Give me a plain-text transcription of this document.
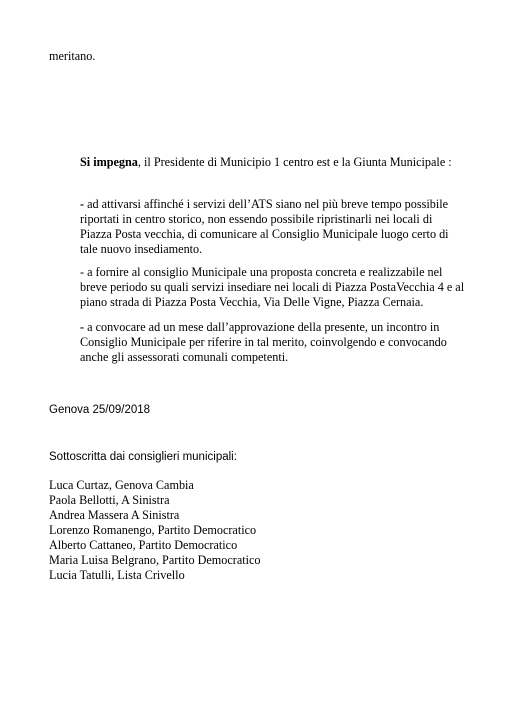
meritano.

Si impegna, il Presidente di Municipio 1 centro est e la Giunta Municipale :

- ad attivarsi affinché i servizi dell’ATS siano nel più breve tempo possibile
riportati in centro storico, non essendo possibile ripristinarli nei locali di
Piazza Posta vecchia, di comunicare al Consiglio Municipale luogo certo di
tale nuovo insediamento.
- a fornire al consiglio Municipale una proposta concreta e realizzabile nel
breve periodo su quali servizi insediare nei locali di Piazza PostaVecchia 4 e al
piano strada di Piazza Posta Vecchia, Via Delle Vigne, Piazza Cernaia.
- a convocare ad un mese dall’approvazione della presente, un incontro in
Consiglio Municipale per riferire in tal merito, coinvolgendo e convocando
anche gli assessorati comunali competenti.

Genova 25/09/2018

Sottoscritta dai consiglieri municipali:

Luca Curtaz, Genova Cambia
Paola Bellotti, A Sinistra
Andrea Massera A Sinistra
Lorenzo Romanengo, Partito Democratico
Alberto Cattaneo, Partito Democratico
Maria Luisa Belgrano, Partito Democratico
Lucia Tatulli, Lista Crivello
